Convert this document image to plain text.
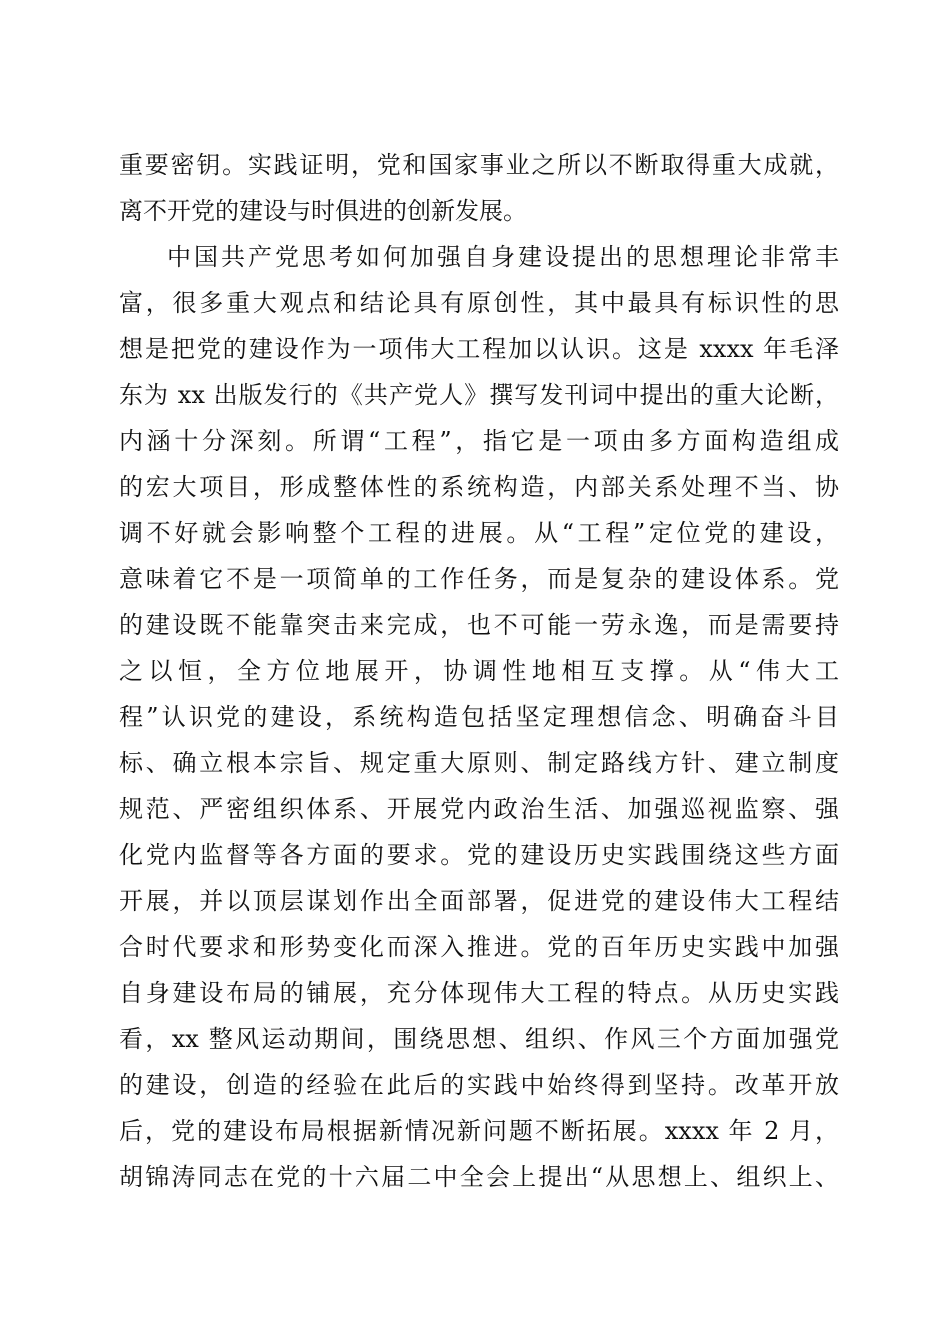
重要密钥。实践证明，党和国家事业之所以不断取得重大成就，
离不开党的建设与时俱进的创新发展。
中国共产党思考如何加强自身建设提出的思想理论非常丰
富，很多重大观点和结论具有原创性，其中最具有标识性的思
想是把党的建设作为一项伟大工程加以认识。这是 xxxx 年毛泽
东为 xx 出版发行的《共产党人》撰写发刊词中提出的重大论断，
内涵十分深刻。所谓“工程”，指它是一项由多方面构造组成
的宏大项目，形成整体性的系统构造，内部关系处理不当、协
调不好就会影响整个工程的进展。从“工程”定位党的建设，
意味着它不是一项简单的工作任务，而是复杂的建设体系。党
的建设既不能靠突击来完成，也不可能一劳永逸，而是需要持
之以恒，全方位地展开，协调性地相互支撑。从“伟大工
程”认识党的建设，系统构造包括坚定理想信念、明确奋斗目
标、确立根本宗旨、规定重大原则、制定路线方针、建立制度
规范、严密组织体系、开展党内政治生活、加强巡视监察、强
化党内监督等各方面的要求。党的建设历史实践围绕这些方面
开展，并以顶层谋划作出全面部署，促进党的建设伟大工程结
合时代要求和形势变化而深入推进。党的百年历史实践中加强
自身建设布局的铺展，充分体现伟大工程的特点。从历史实践
看，xx 整风运动期间，围绕思想、组织、作风三个方面加强党
的建设，创造的经验在此后的实践中始终得到坚持。改革开放
后，党的建设布局根据新情况新问题不断拓展。xxxx 年 2 月，
胡锦涛同志在党的十六届二中全会上提出“从思想上、组织上、
